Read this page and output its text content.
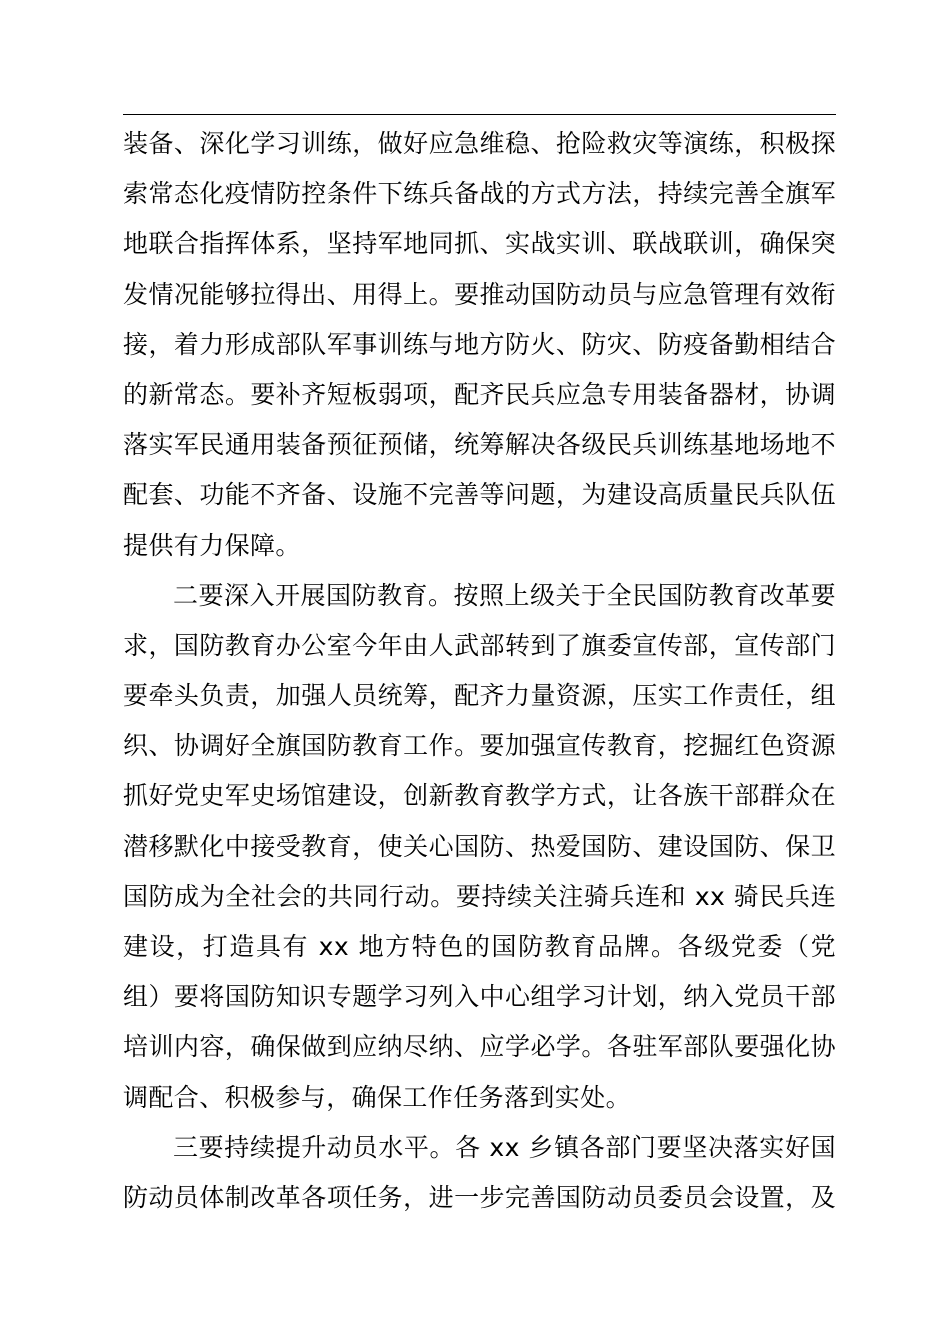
装备、深化学习训练，做好应急维稳、抢险救灾等演练，积极探
索常态化疫情防控条件下练兵备战的方式方法，持续完善全旗军
地联合指挥体系，坚持军地同抓、实战实训、联战联训，确保突
发情况能够拉得出、用得上。要推动国防动员与应急管理有效衔
接，着力形成部队军事训练与地方防火、防灾、防疫备勤相结合
的新常态。要补齐短板弱项，配齐民兵应急专用装备器材，协调
落实军民通用装备预征预储，统筹解决各级民兵训练基地场地不
配套、功能不齐备、设施不完善等问题，为建设高质量民兵队伍
提供有力保障。
二要深入开展国防教育。按照上级关于全民国防教育改革要
求，国防教育办公室今年由人武部转到了旗委宣传部，宣传部门
要牵头负责，加强人员统筹，配齐力量资源，压实工作责任，组
织、协调好全旗国防教育工作。要加强宣传教育，挖掘红色资源
抓好党史军史场馆建设，创新教育教学方式，让各族干部群众在
潜移默化中接受教育，使关心国防、热爱国防、建设国防、保卫
国防成为全社会的共同行动。要持续关注骑兵连和 xx 骑民兵连
建设，打造具有 xx 地方特色的国防教育品牌。各级党委（党
组）要将国防知识专题学习列入中心组学习计划，纳入党员干部
培训内容，确保做到应纳尽纳、应学必学。各驻军部队要强化协
调配合、积极参与，确保工作任务落到实处。
三要持续提升动员水平。各 xx 乡镇各部门要坚决落实好国
防动员体制改革各项任务，进一步完善国防动员委员会设置，及
